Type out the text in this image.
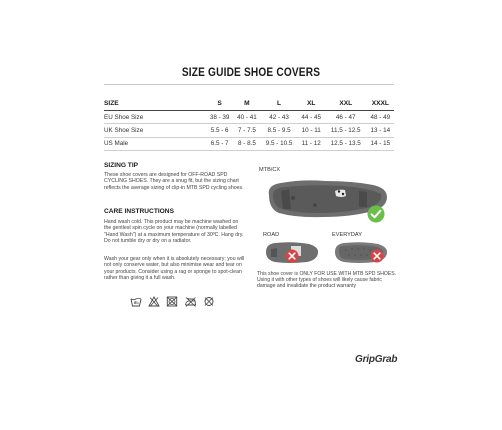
SIZE GUIDE SHOE COVERS
SIZE	S	M	L	XL	XXL	XXXL
EU Shoe Size	38 - 39	40 - 41	42 - 43	44 - 45	46 - 47	48 - 49
UK Shoe Size	5.5 - 6	7 - 7.5	8.5 - 9.5	10 - 11	11.5 - 12.5	13 - 14
US Male	6.5 - 7	8 - 8.5	9.5 - 10.5	11 - 12	12.5 - 13.5	14 - 15
SIZING TIP
These shoe covers are designed for OFF-ROAD SPD CYCLING SHOES. They are a snug fit, but the sizing chart reflects the average sizing of clip-in MTB SPD cycling shoes.
CARE INSTRUCTIONS
Hand wash cold. This product may be machine washed on the gentlest spin cycle on your machine (normally labelled "Hand Wash") at a maximum temperature of 30ºC. Hang dry. Do not tumble dry or dry on a radiator.
Wash your gear only when it is absolutely necessary; you will not only conserve water, but also minimise wear and tear on your products. Consider using a rag or sponge to spot-clean rather than giving it a full wash.
MTB/CX
ROAD	EVERYDAY
This shoe cover is ONLY FOR USE WITH MTB SPD SHOES. Using it with other types of shoes will likely cause fabric damage and invalidate the product warranty
GripGrab
